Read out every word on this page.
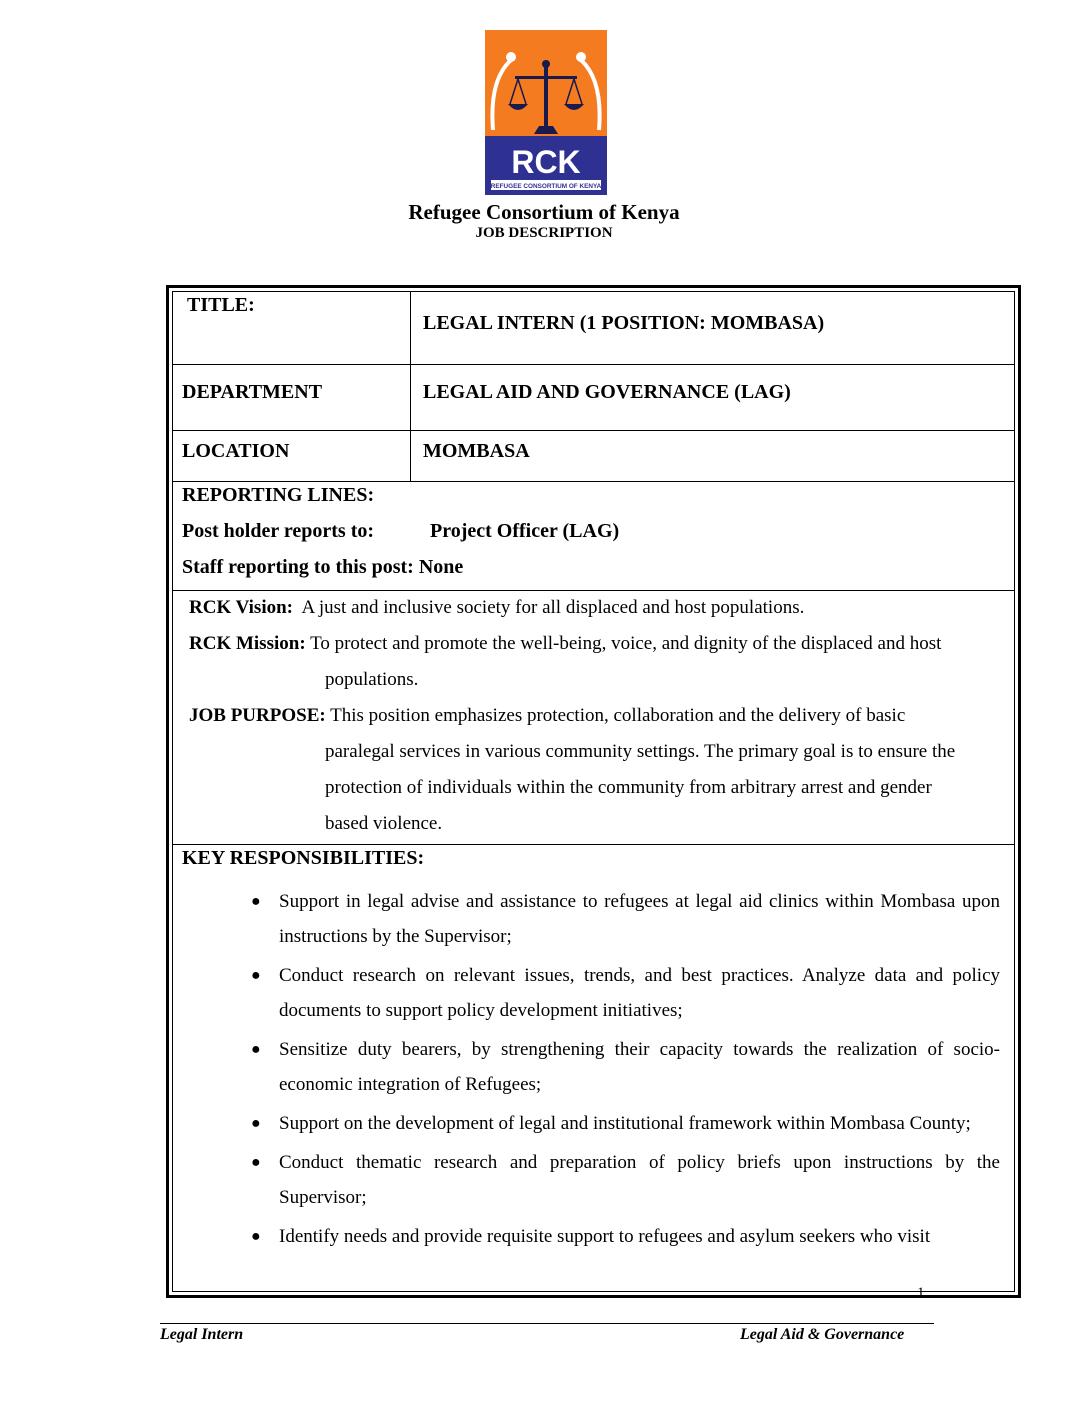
RCK
REFUGEE CONSORTIUM OF KENYA
Refugee Consortium of Kenya
JOB DESCRIPTION
TITLE:
LEGAL INTERN (1 POSITION: MOMBASA)
DEPARTMENT	LEGAL AID AND GOVERNANCE (LAG)
LOCATION	MOMBASA
REPORTING LINES:
Post holder reports to:	Project Officer (LAG)
Staff reporting to this post: None
RCK Vision: A just and inclusive society for all displaced and host populations.
RCK Mission: To protect and promote the well-being, voice, and dignity of the displaced and host
populations.
JOB PURPOSE: This position emphasizes protection, collaboration and the delivery of basic
paralegal services in various community settings. The primary goal is to ensure the
protection of individuals within the community from arbitrary arrest and gender
based violence.
KEY RESPONSIBILITIES:
● Support in legal advise and assistance to refugees at legal aid clinics within Mombasa upon instructions by the Supervisor;
● Conduct research on relevant issues, trends, and best practices. Analyze data and policy documents to support policy development initiatives;
● Sensitize duty bearers, by strengthening their capacity towards the realization of socio-economic integration of Refugees;
● Support on the development of legal and institutional framework within Mombasa County;
● Conduct thematic research and preparation of policy briefs upon instructions by the Supervisor;
● Identify needs and provide requisite support to refugees and asylum seekers who visit
1
Legal Intern	Legal Aid & Governance
